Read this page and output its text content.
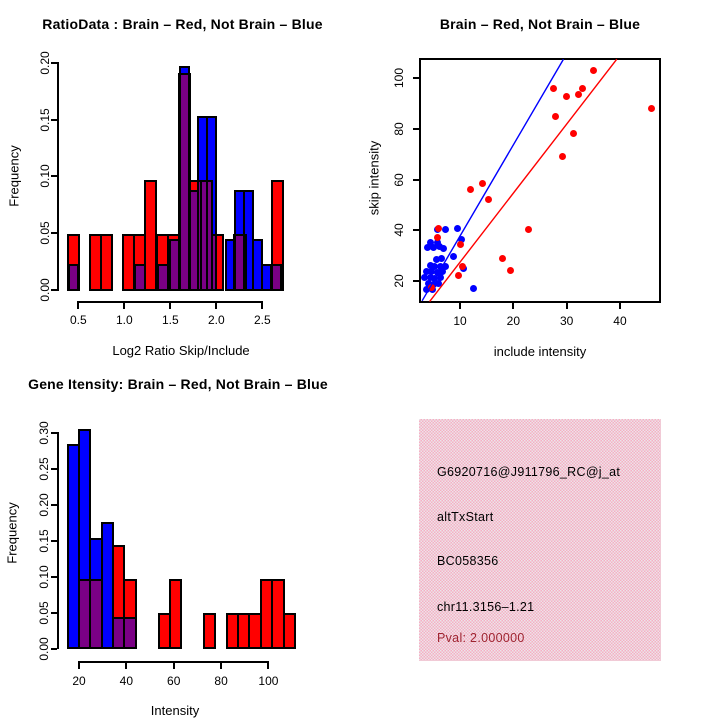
RatioData : Brain – Red, Not Brain – Blue	Brain – Red, Not Brain – Blue
Gene Itensity: Brain – Red, Not Brain – Blue
Log2 Ratio Skip/Include
Frequency
include intensity
skip intensity
Intensity
Frequency
0.00
0.05
0.10
0.15
0.20
0.5 1.0 1.5 2.0 2.5	10	20	30	40
20
40
60
80
100
0.00
0.05
0.10
0.15
0.20
0.25
0.30
20	40	60	80	100
G6920716@J911796_RC@j_at
altTxStart
BC058356
chr11.3156–1.21
Pval: 2.000000
